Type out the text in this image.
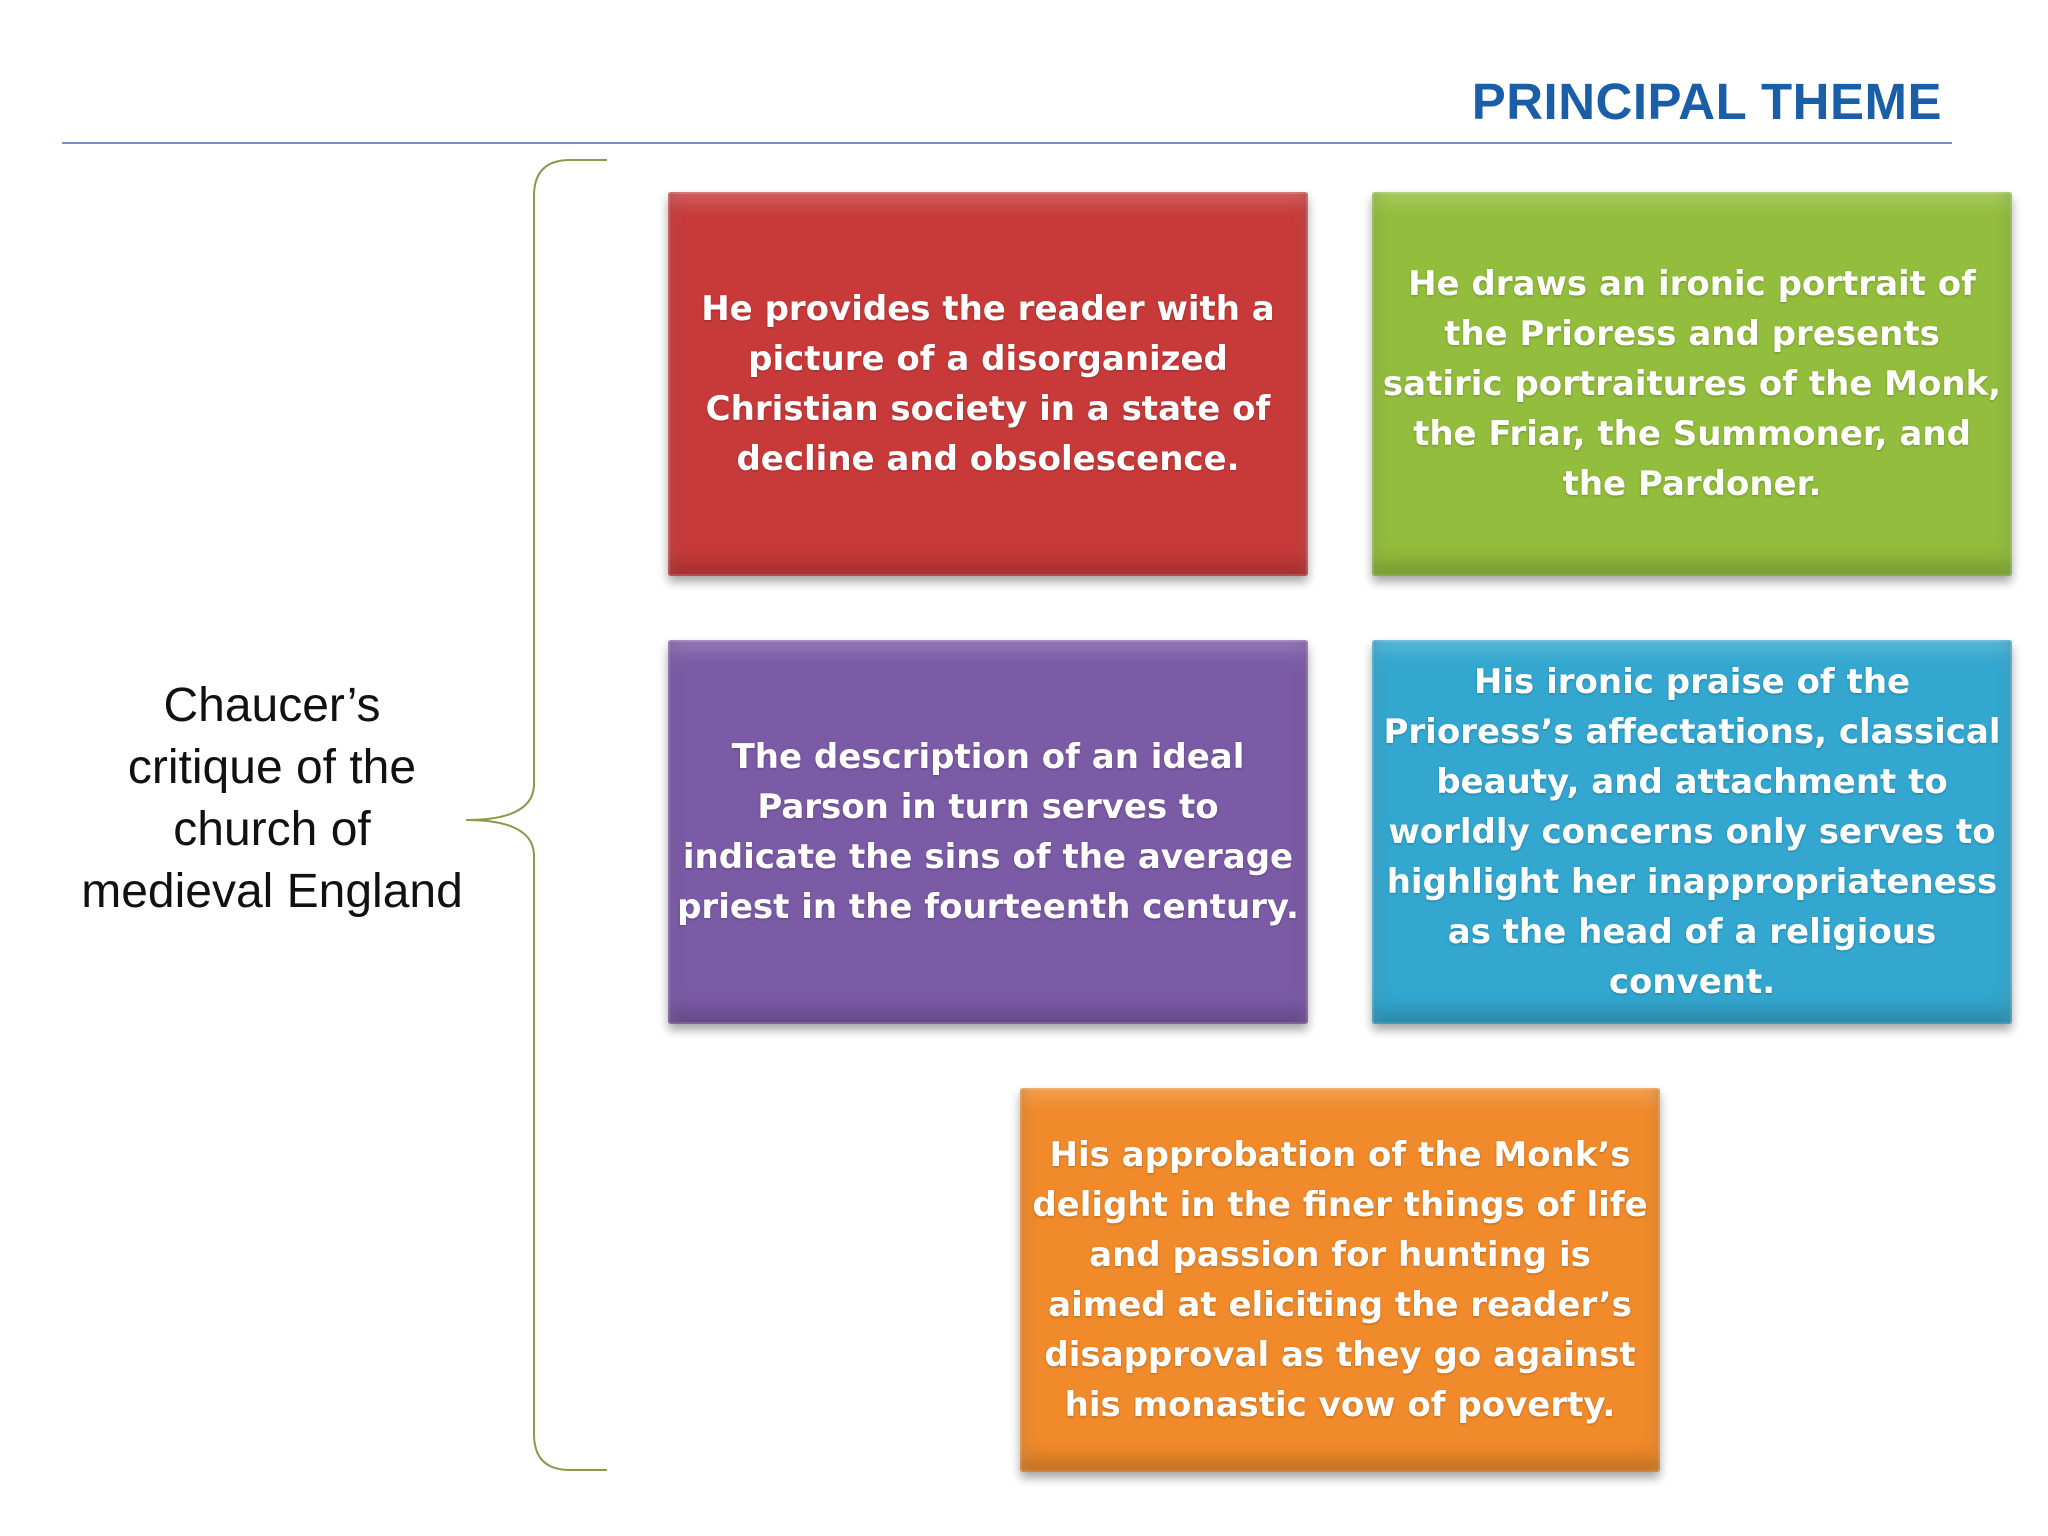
PRINCIPAL THEME
Chaucer’s
critique of the
church of
medieval England
He provides the reader with a picture of a disorganized Christian society in a state of decline and obsolescence.
He draws an ironic portrait of the Prioress and presents satiric portraitures of the Monk, the Friar, the Summoner, and the Pardoner.
The description of an ideal Parson in turn serves to indicate the sins of the average priest in the fourteenth century.
His ironic praise of the Prioress’s affectations, classical beauty, and attachment to worldly concerns only serves to highlight her inappropriateness as the head of a religious convent.
His approbation of the Monk’s delight in the finer things of life and passion for hunting is aimed at eliciting the reader’s disapproval as they go against his monastic vow of poverty.
